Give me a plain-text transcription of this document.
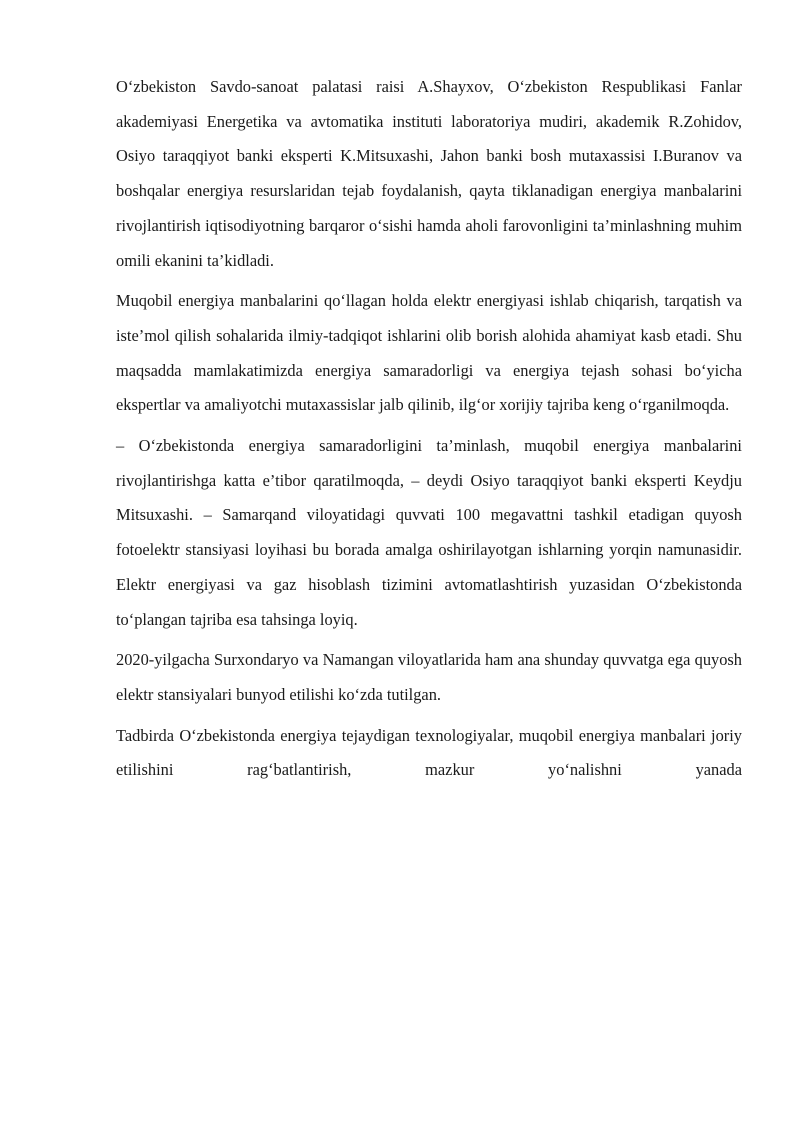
O‘zbekiston Savdo-sanoat palatasi raisi A.Shayxov, O‘zbekiston Respublikasi Fanlar akademiyasi Energetika va avtomatika instituti laboratoriya mudiri, akademik R.Zohidov, Osiyo taraqqiyot banki eksperti K.Mitsuxashi, Jahon banki bosh mutaxassisi I.Buranov va boshqalar energiya resurslaridan tejab foydalanish, qayta tiklanadigan energiya manbalarini rivojlantirish iqtisodiyotning barqaror o‘sishi hamda aholi farovonligini ta’minlashning muhim omili ekanini ta’kidladi.

Muqobil energiya manbalarini qo‘llagan holda elektr energiyasi ishlab chiqarish, tarqatish va iste’mol qilish sohalarida ilmiy-tadqiqot ishlarini olib borish alohida ahamiyat kasb etadi. Shu maqsadda mamlakatimizda energiya samaradorligi va energiya tejash sohasi bo‘yicha ekspertlar va amaliyotchi mutaxassislar jalb qilinib, ilg‘or xorijiy tajriba keng o‘rganilmoqda.

– O‘zbekistonda energiya samaradorligini ta’minlash, muqobil energiya manbalarini rivojlantirishga katta e’tibor qaratilmoqda, – deydi Osiyo taraqqiyot banki eksperti Keydju Mitsuxashi. – Samarqand viloyatidagi quvvati 100 megavattni tashkil etadigan quyosh fotoelektr stansiyasi loyihasi bu borada amalga oshirilayotgan ishlarning yorqin namunasidir. Elektr energiyasi va gaz hisoblash tizimini avtomatlashtirish yuzasidan O‘zbekistonda to‘plangan tajriba esa tahsinga loyiq.

2020-yilgacha Surxondaryo va Namangan viloyatlarida ham ana shunday quvvatga ega quyosh elektr stansiyalari bunyod etilishi ko‘zda tutilgan.

Tadbirda O‘zbekistonda energiya tejaydigan texnologiyalar, muqobil energiya manbalari joriy etilishini rag‘batlantirish, mazkur yo‘nalishni yanada
